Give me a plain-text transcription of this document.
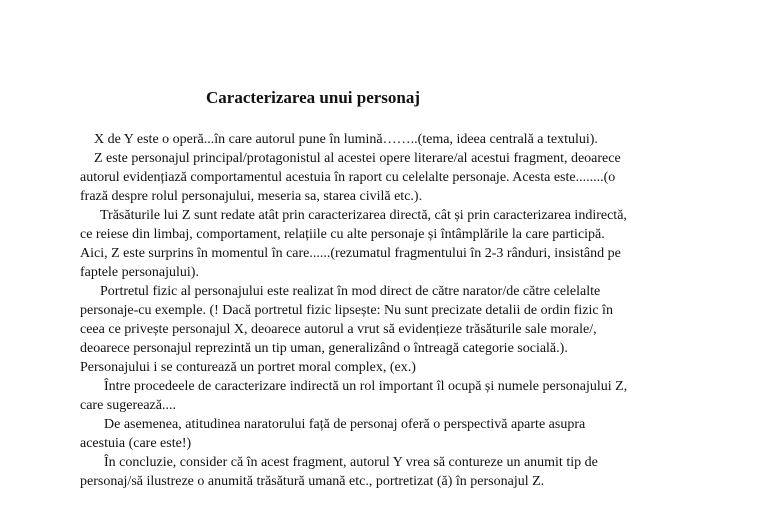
Caracterizarea unui personaj
X de Y este o operă...în care autorul pune în lumină……..(tema, ideea centrală a textului).
Z este personajul principal/protagonistul al acestei opere literare/al acestui fragment, deoarece
autorul evidențiază comportamentul acestuia în raport cu celelalte personaje. Acesta este........(o
frază despre rolul personajului, meseria sa, starea civilă etc.).
Trăsăturile lui Z sunt redate atât prin caracterizarea directă, cât și prin caracterizarea indirectă,
ce reiese din limbaj, comportament, relațiile cu alte personaje și întâmplările la care participă.
Aici, Z este surprins în momentul în care......(rezumatul fragmentului în 2-3 rânduri, insistând pe
faptele personajului).
Portretul fizic al personajului este realizat în mod direct de către narator/de către celelalte
personaje-cu exemple. (! Dacă portretul fizic lipsește: Nu sunt precizate detalii de ordin fizic în
ceea ce privește personajul X, deoarece autorul a vrut să evidențieze trăsăturile sale morale/,
deoarece personajul reprezintă un tip uman, generalizând o întreagă categorie socială.).
Personajului i se conturează un portret moral complex, (ex.)
Între procedeele de caracterizare indirectă un rol important îl ocupă și numele personajului Z,
care sugerează....
De asemenea, atitudinea naratorului față de personaj oferă o perspectivă aparte asupra
acestuia (care este!)
În concluzie, consider că în acest fragment, autorul Y vrea să contureze un anumit tip de
personaj/să ilustreze o anumită trăsătură umană etc., portretizat (ă) în personajul Z.
